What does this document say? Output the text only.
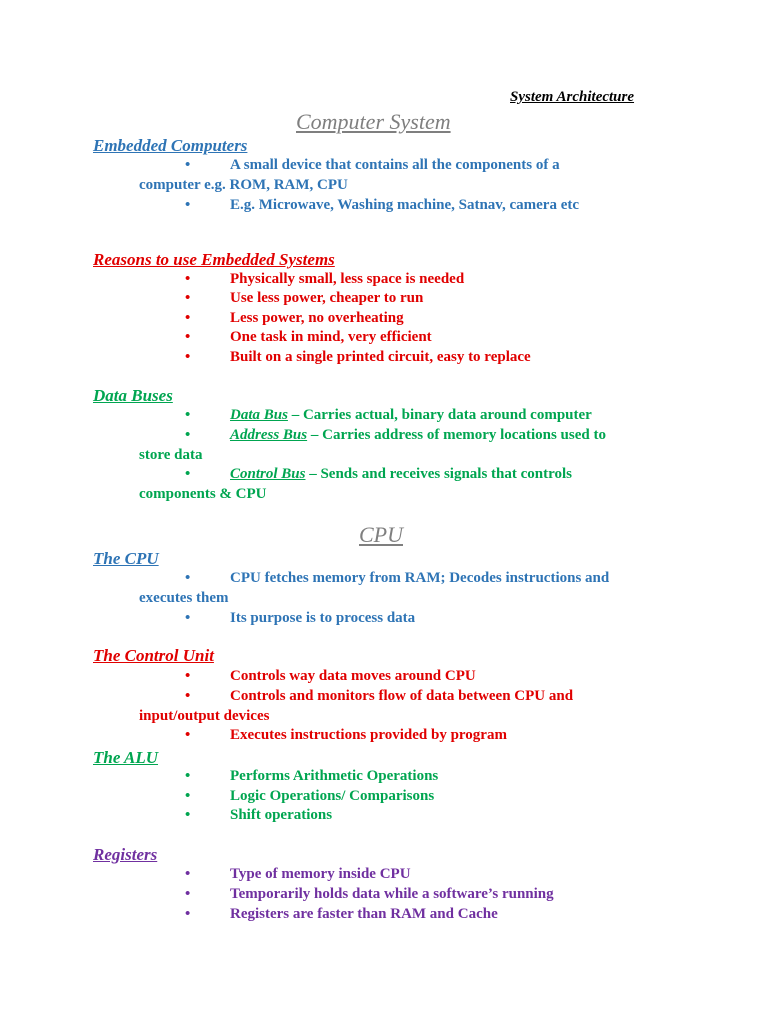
System Architecture
Computer System
Embedded Computers
•	A small device that contains all the components of a
computer e.g. ROM, RAM, CPU
•	E.g. Microwave, Washing machine, Satnav, camera etc
Reasons to use Embedded Systems
•	Physically small, less space is needed
•	Use less power, cheaper to run
•	Less power, no overheating
•	One task in mind, very efficient
•	Built on a single printed circuit, easy to replace
Data Buses
•	Data Bus – Carries actual, binary data around computer
•	Address Bus – Carries address of memory locations used to
store data
•	Control Bus – Sends and receives signals that controls
components & CPU
CPU
The CPU
•	CPU fetches memory from RAM; Decodes instructions and
executes them
•	Its purpose is to process data
The Control Unit
•	Controls way data moves around CPU
•	Controls and monitors flow of data between CPU and
input/output devices
•	Executes instructions provided by program
The ALU
•	Performs Arithmetic Operations
•	Logic Operations/ Comparisons
•	Shift operations
Registers
•	Type of memory inside CPU
•	Temporarily holds data while a software’s running
•	Registers are faster than RAM and Cache
